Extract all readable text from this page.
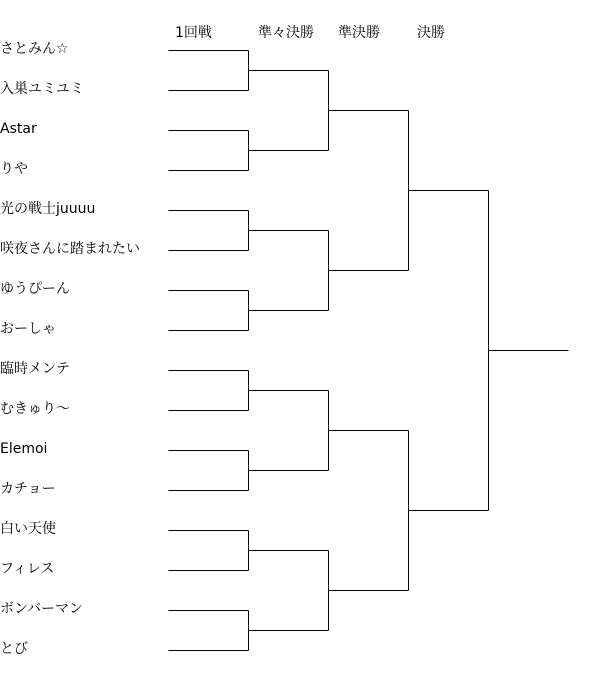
1回戦	準々決勝 準決勝	決勝
さとみん☆
入巣ユミユミ
Astar
りや
光の戦士juuuu
咲夜さんに踏まれたい
ゆうぴーん
おーしゃ
臨時メンテ
むきゅり〜
Elemoi
カチョー
白い天使
フィレス
ボンバーマン
とび
